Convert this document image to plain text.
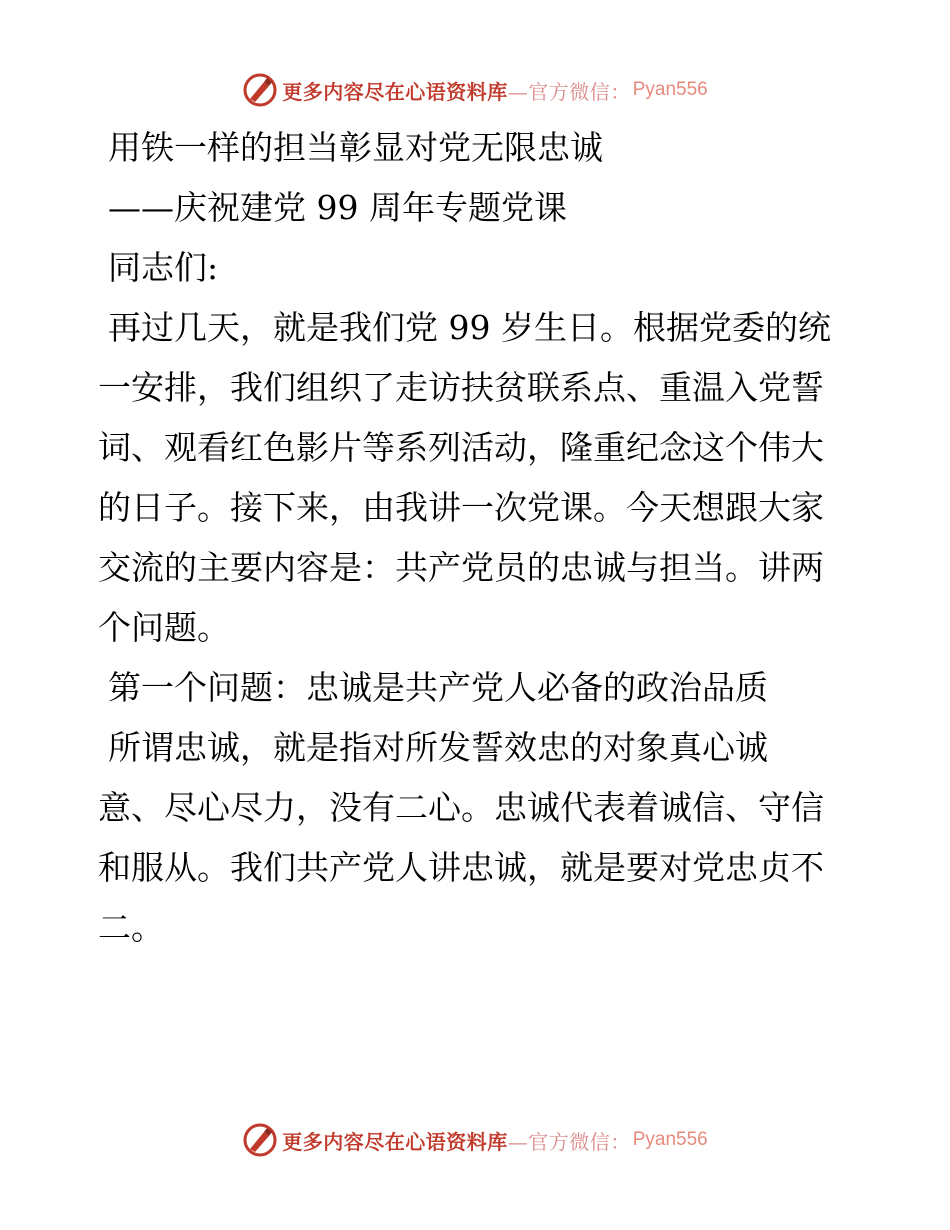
更多内容尽在心语资料库—官方微信： Pyan556

用铁一样的担当彰显对党无限忠诚

——庆祝建党 99 周年专题党课

同志们:

再过几天，就是我们党 99 岁生日。根据党委的统

一安排，我们组织了走访扶贫联系点、重温入党誓

词、观看红色影片等系列活动，隆重纪念这个伟大

的日子。接下来，由我讲一次党课。今天想跟大家

交流的主要内容是：共产党员的忠诚与担当。讲两

个问题。

第一个问题：忠诚是共产党人必备的政治品质

所谓忠诚，就是指对所发誓效忠的对象真心诚

意、尽心尽力，没有二心。忠诚代表着诚信、守信

和服从。我们共产党人讲忠诚，就是要对党忠贞不

二。

更多内容尽在心语资料库—官方微信： Pyan556
